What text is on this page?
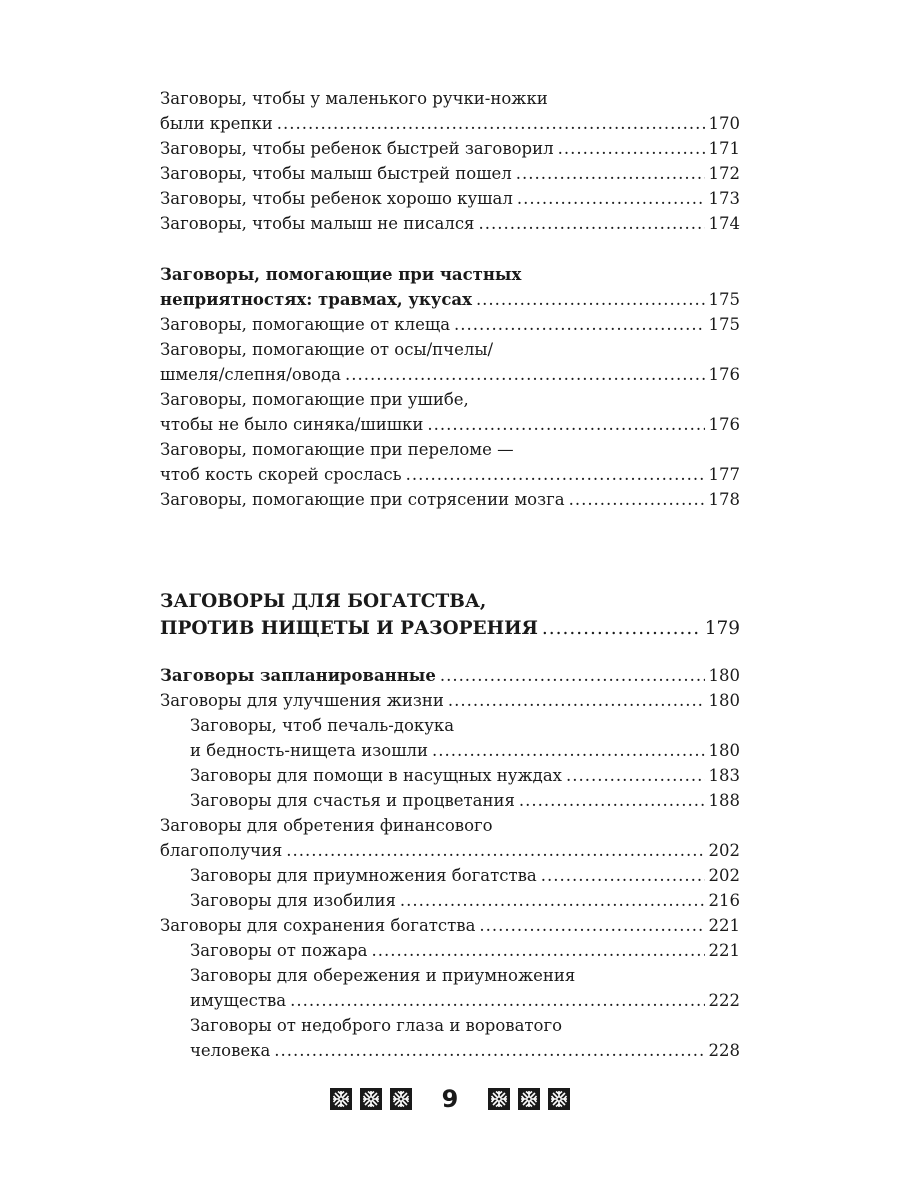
Заговоры, чтобы у маленького ручки-ножки
были крепки .....	170
Заговоры, чтобы ребенок быстрей заговорил .....	171
Заговоры, чтобы малыш быстрей пошел .....	172
Заговоры, чтобы ребенок хорошо кушал .....	173
Заговоры, чтобы малыш не писался .....	174
Заговоры, помогающие при частных
неприятностях: травмах, укусах .....	175
Заговоры, помогающие от клеща .....	175
Заговоры, помогающие от осы/пчелы/
шмеля/слепня/овода .....	176
Заговоры, помогающие при ушибе,
чтобы не было синяка/шишки .....	176
Заговоры, помогающие при переломе —
чтоб кость скорей срослась .....	177
Заговоры, помогающие при сотрясении мозга .....	178
ЗАГОВОРЫ ДЛЯ БОГАТСТВА,
ПРОТИВ НИЩЕТЫ И РАЗОРЕНИЯ .....	179
Заговоры запланированные .....	180
Заговоры для улучшения жизни .....	180
Заговоры, чтоб печаль-докука
и бедность-нищета изошли .....	180
Заговоры для помощи в насущных нуждах .....	183
Заговоры для счастья и процветания .....	188
Заговоры для обретения финансового
благополучия .....	202
Заговоры для приумножения богатства .....	202
Заговоры для изобилия .....	216
Заговоры для сохранения богатства .....	221
Заговоры от пожара .....	221
Заговоры для обережения и приумножения
имущества .....	222
Заговоры от недоброго глаза и вороватого
человека .....	228
9
